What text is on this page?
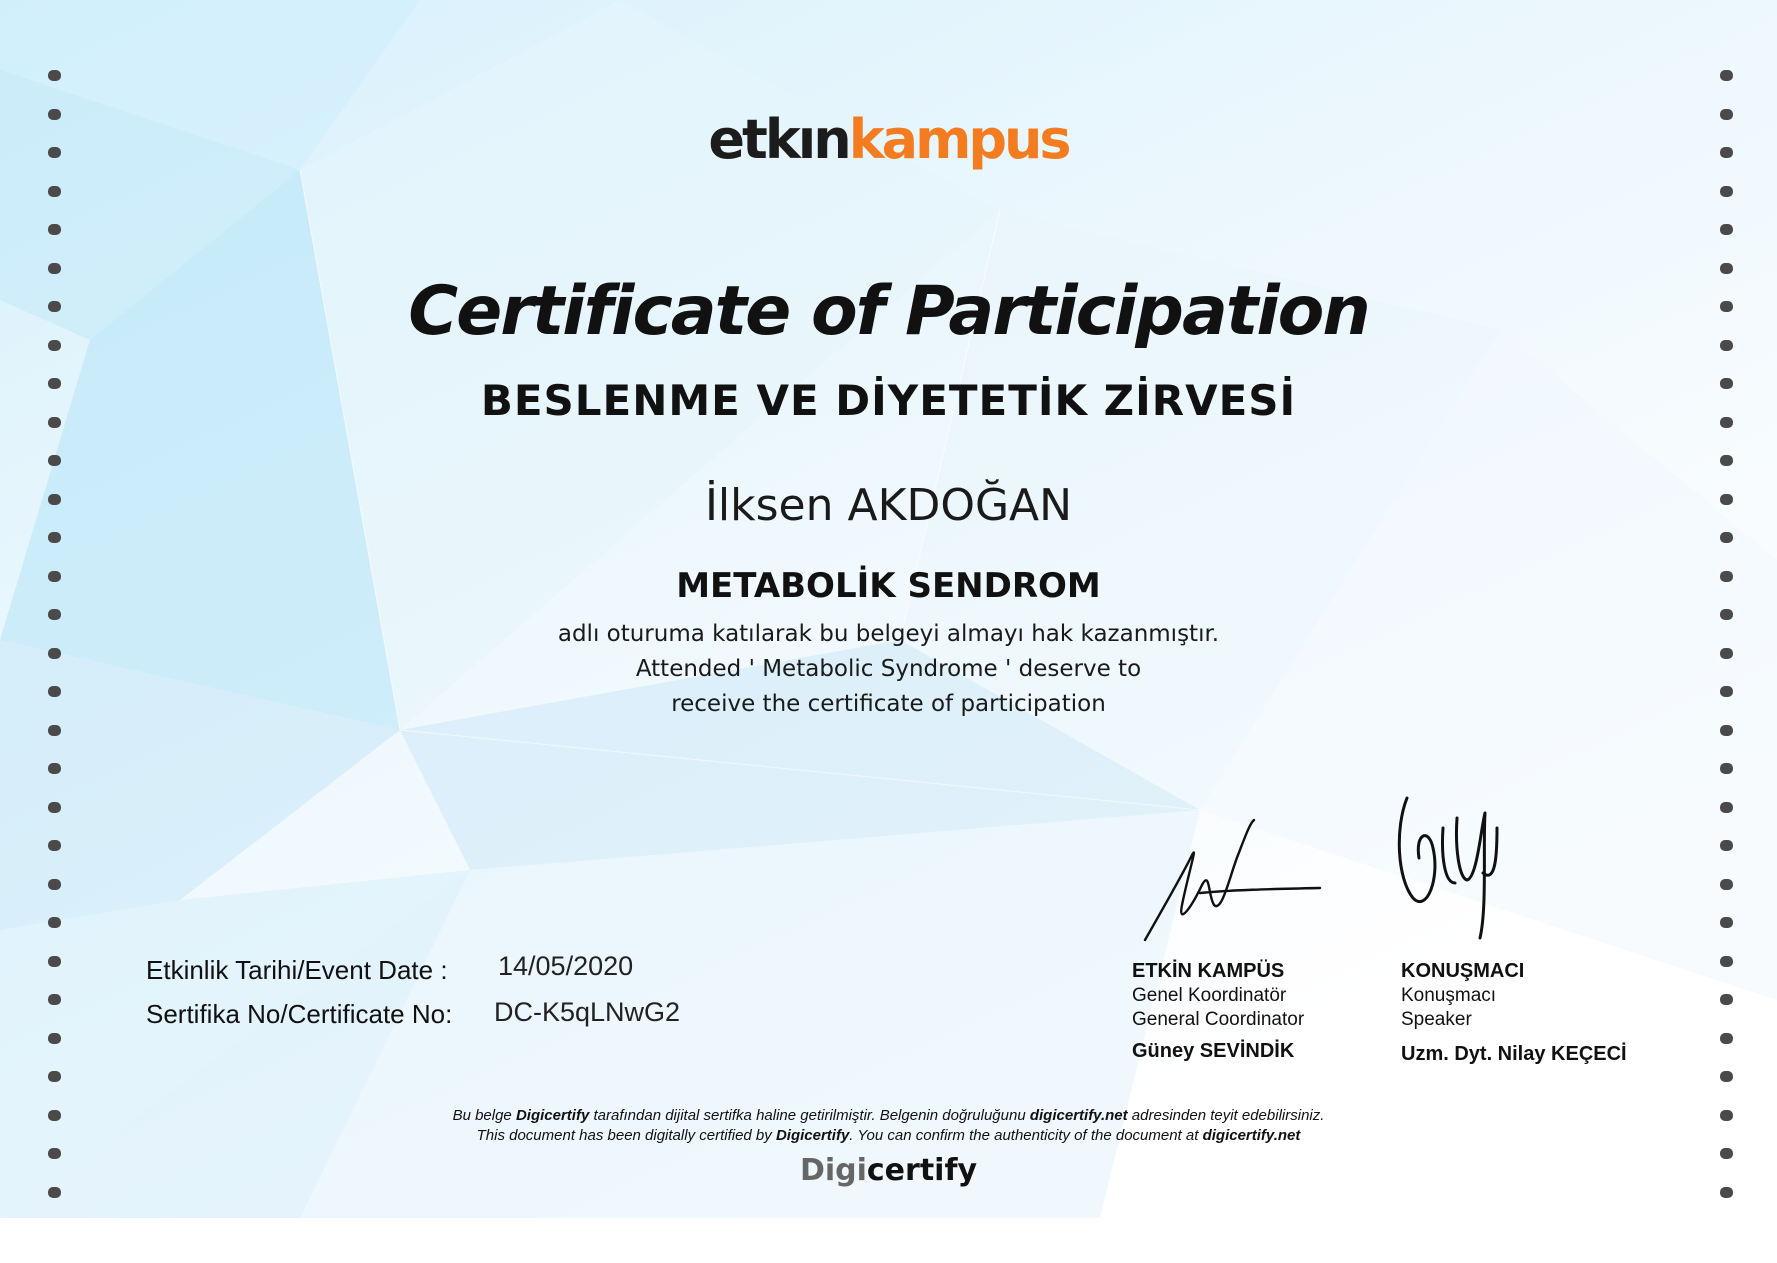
etkınkampus
Certificate of Participation
BESLENME VE DİYETETİK ZİRVESİ
İlksen AKDOĞAN
METABOLİK SENDROM
adlı oturuma katılarak bu belgeyi almayı hak kazanmıştır.
Attended ' Metabolic Syndrome ' deserve to
receive the certificate of participation
Etkinlik Tarihi/Event Date : 14/05/2020
Sertifika No/Certificate No: DC-K5qLNwG2
ETKİN KAMPÜS
Genel Koordinatör
General Coordinator
Güney SEVİNDİK
KONUŞMACI
Konuşmacı
Speaker
Uzm. Dyt. Nilay KEÇECİ
Bu belge Digicertify tarafından dijital sertifka haline getirilmiştir. Belgenin doğruluğunu digicertify.net adresinden teyit edebilirsiniz.
This document has been digitally certified by Digicertify. You can confirm the authenticity of the document at digicertify.net
Digicertify
